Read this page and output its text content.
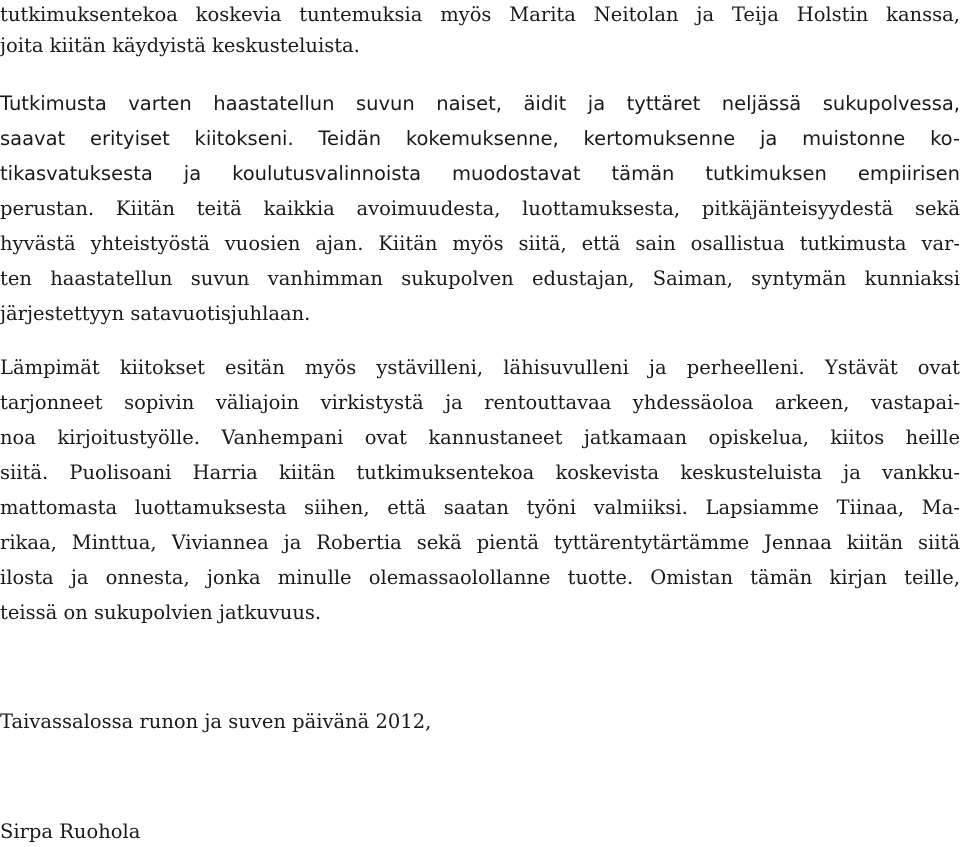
tutkimuksentekoa koskevia tuntemuksia myös Marita Neitolan ja Teija Holstin kanssa,
joita kiitän käydyistä keskusteluista.
Tutkimusta varten haastatellun suvun naiset, äidit ja tyttäret neljässä sukupolvessa,
saavat erityiset kiitokseni. Teidän kokemuksenne, kertomuksenne ja muistonne ko-
tikasvatuksesta ja koulutusvalinnoista muodostavat tämän tutkimuksen empiirisen
perustan. Kiitän teitä kaikkia avoimuudesta, luottamuksesta, pitkäjänteisyydestä sekä
hyvästä yhteistyöstä vuosien ajan. Kiitän myös siitä, että sain osallistua tutkimusta var-
ten haastatellun suvun vanhimman sukupolven edustajan, Saiman, syntymän kunniaksi
järjestettyyn satavuotisjuhlaan.
Lämpimät kiitokset esitän myös ystävilleni, lähisuvulleni ja perheelleni. Ystävät ovat
tarjonneet sopivin väliajoin virkistystä ja rentouttavaa yhdessäoloa arkeen, vastapai-
noa kirjoitustyölle. Vanhempani ovat kannustaneet jatkamaan opiskelua, kiitos heille
siitä. Puolisoani Harria kiitän tutkimuksentekoa koskevista keskusteluista ja vankku-
mattomasta luottamuksesta siihen, että saatan työni valmiiksi. Lapsiamme Tiinaa, Ma-
rikaa, Minttua, Viviannea ja Robertia sekä pientä tyttärentytärtämme Jennaa kiitän siitä
ilosta ja onnesta, jonka minulle olemassaolollanne tuotte. Omistan tämän kirjan teille,
teissä on sukupolvien jatkuvuus.
Taivassalossa runon ja suven päivänä 2012,
Sirpa Ruohola
